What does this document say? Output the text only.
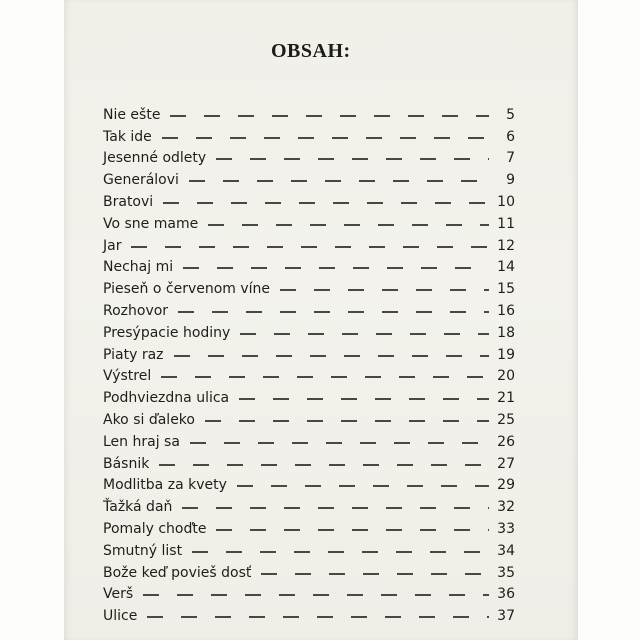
OBSAH:
Nie ešte	5
Tak ide	6
Jesenné odlety	7
Generálovi	9
Bratovi	10
Vo sne mame	11
Jar	12
Nechaj mi	14
Pieseň o červenom víne	15
Rozhovor	16
Presýpacie hodiny	18
Piaty raz	19
Výstrel	20
Podhviezdna ulica	21
Ako si ďaleko	25
Len hraj sa	26
Básnik	27
Modlitba za kvety	29
Ťažká daň	32
Pomaly choďte	33
Smutný list	34
Bože keď povieš dosť	35
Verš	36
Ulice	37
